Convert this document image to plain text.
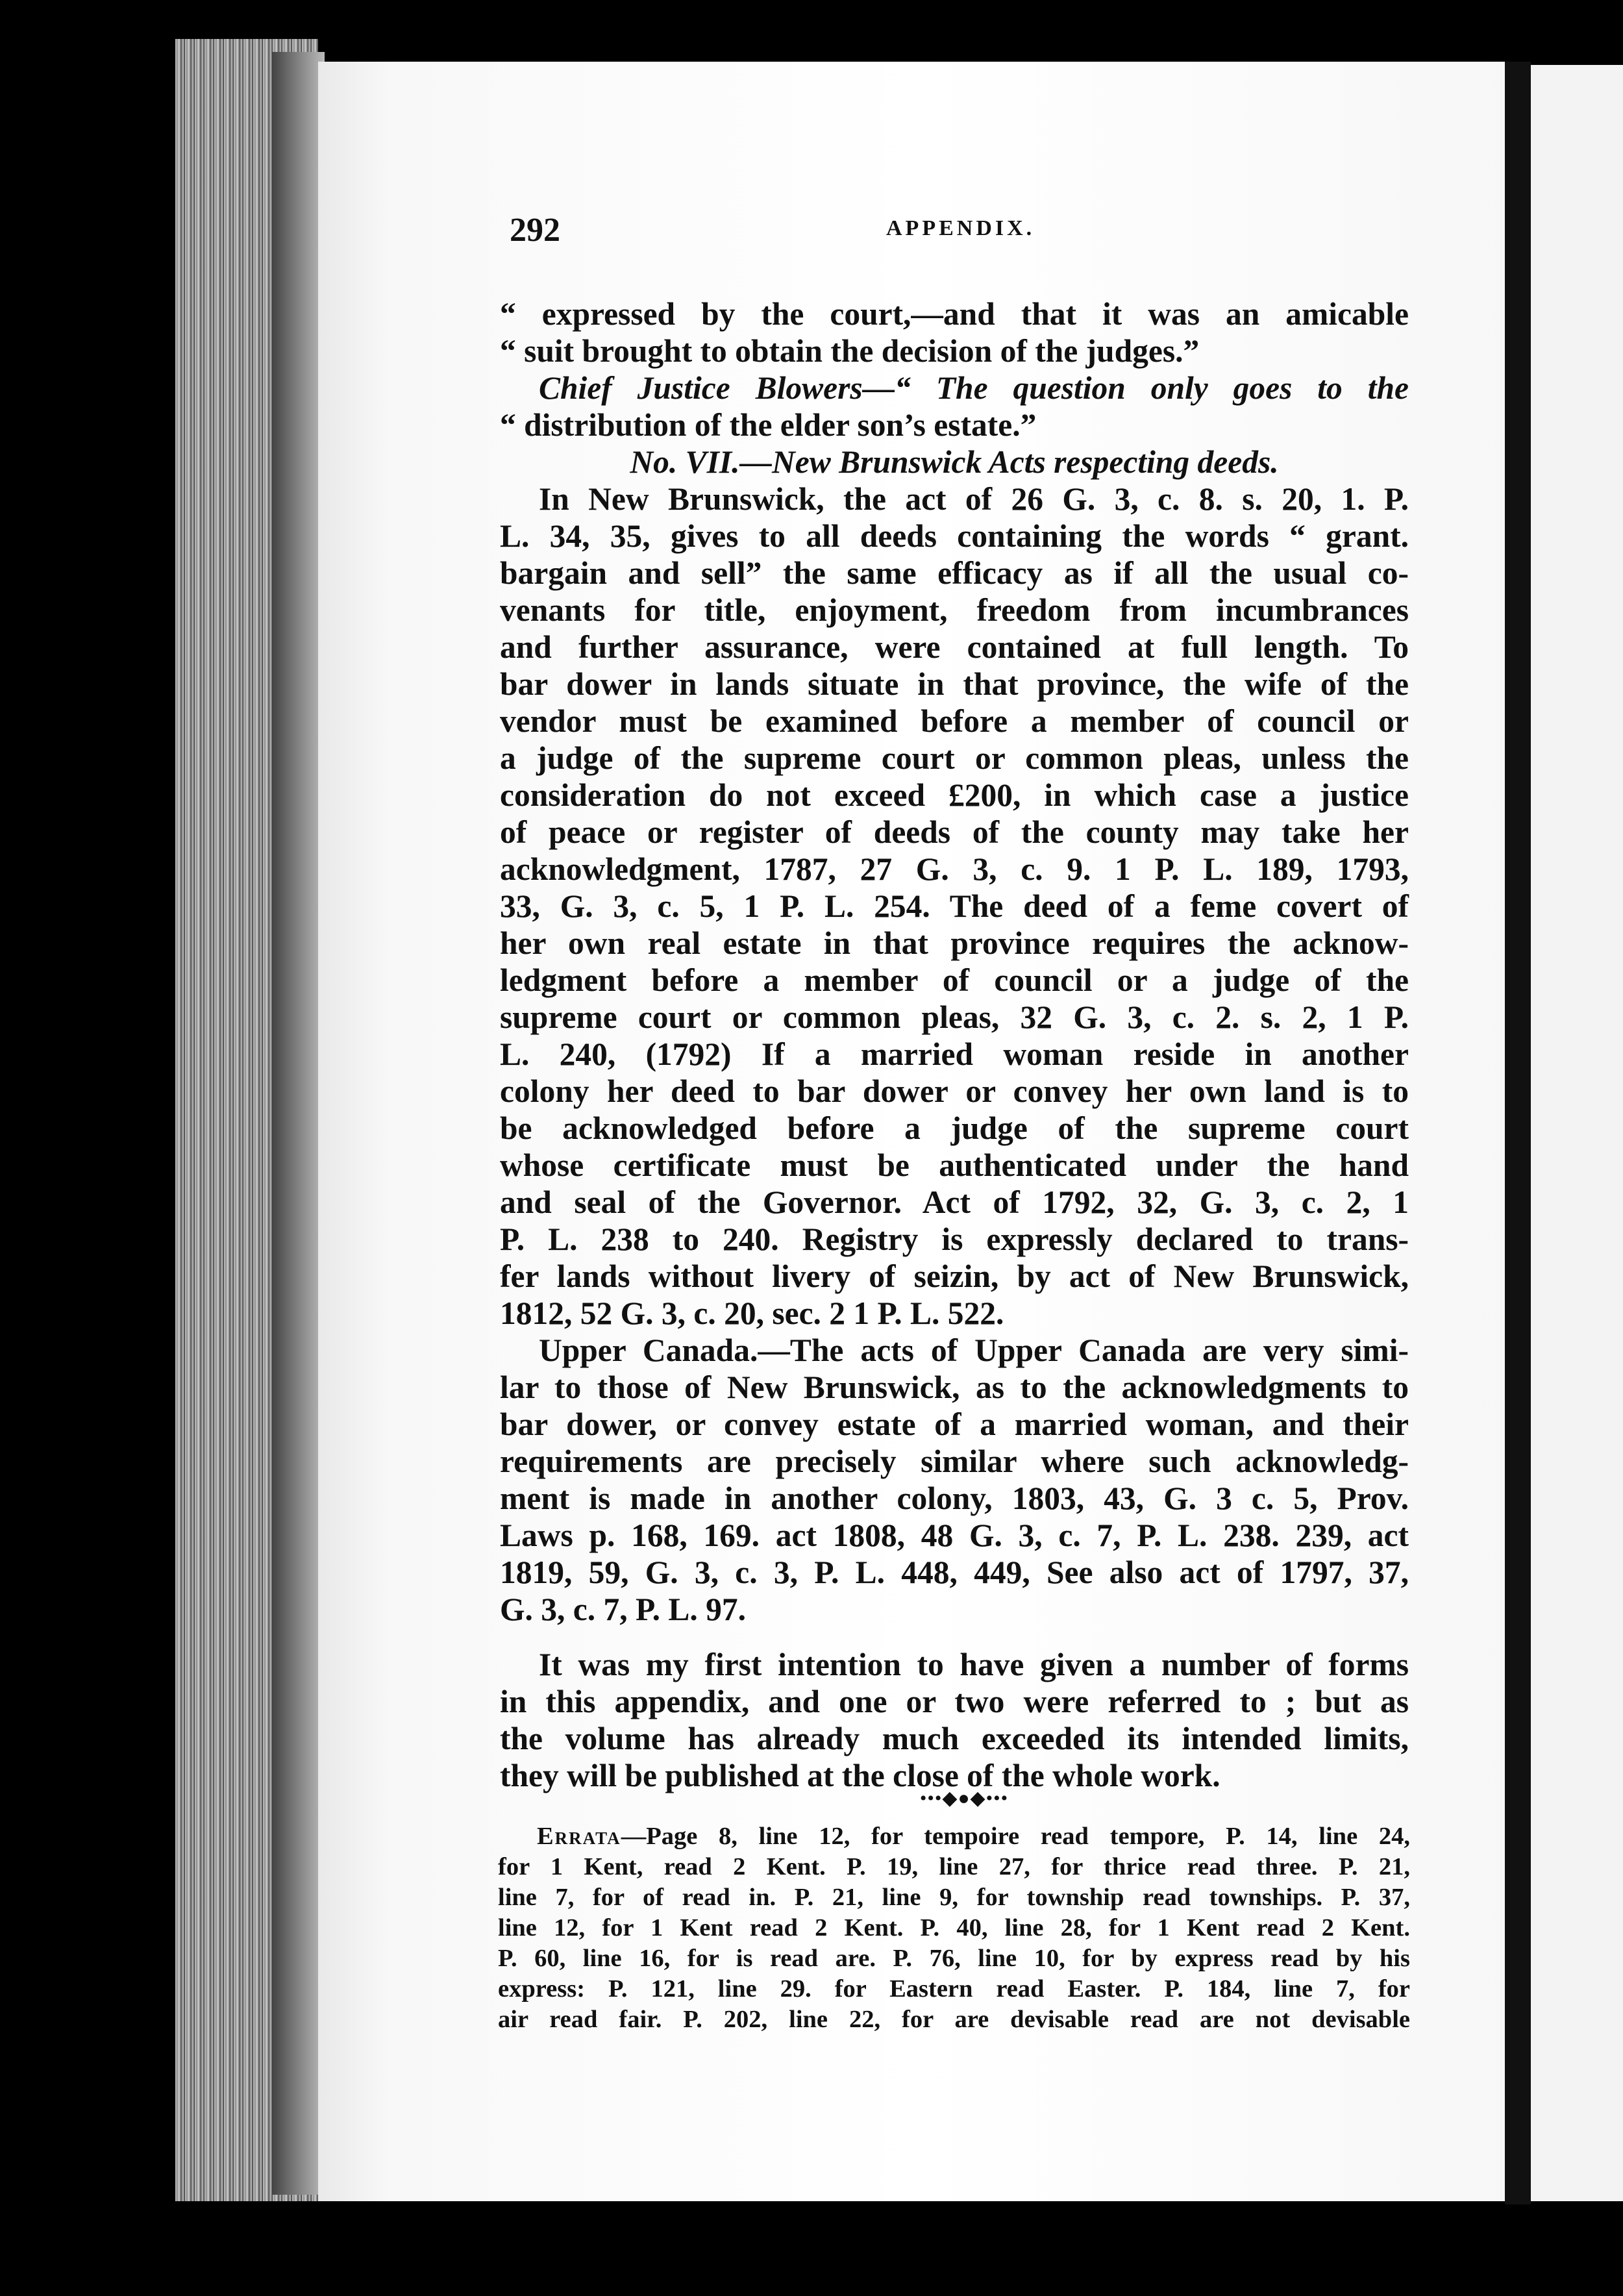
292	APPENDIX.
“ expressed by the court,—and that it was an amicable
“ suit brought to obtain the decision of the judges.”
Chief Justice Blowers—“ The question only goes to the
“ distribution of the elder son’s estate.”
No. VII.—New Brunswick Acts respecting deeds.
In New Brunswick, the act of 26 G. 3, c. 8. s. 20, 1. P.
L. 34, 35, gives to all deeds containing the words “ grant.
bargain and sell” the same efficacy as if all the usual co-
venants for title, enjoyment, freedom from incumbrances
and further assurance, were contained at full length. To
bar dower in lands situate in that province, the wife of the
vendor must be examined before a member of council or
a judge of the supreme court or common pleas, unless the
consideration do not exceed £200, in which case a justice
of peace or register of deeds of the county may take her
acknowledgment, 1787, 27 G. 3, c. 9. 1 P. L. 189, 1793,
33, G. 3, c. 5, 1 P. L. 254. The deed of a feme covert of
her own real estate in that province requires the acknow-
ledgment before a member of council or a judge of the
supreme court or common pleas, 32 G. 3, c. 2. s. 2, 1 P.
L. 240, (1792) If a married woman reside in another
colony her deed to bar dower or convey her own land is to
be acknowledged before a judge of the supreme court
whose certificate must be authenticated under the hand
and seal of the Governor. Act of 1792, 32, G. 3, c. 2, 1
P. L. 238 to 240. Registry is expressly declared to trans-
fer lands without livery of seizin, by act of New Brunswick,
1812, 52 G. 3, c. 20, sec. 2 1 P. L. 522.
Upper Canada.—The acts of Upper Canada are very simi-
lar to those of New Brunswick, as to the acknowledgments to
bar dower, or convey estate of a married woman, and their
requirements are precisely similar where such acknowledg-
ment is made in another colony, 1803, 43, G. 3 c. 5, Prov.
Laws p. 168, 169. act 1808, 48 G. 3, c. 7, P. L. 238. 239, act
1819, 59, G. 3, c. 3, P. L. 448, 449, See also act of 1797, 37,
G. 3, c. 7, P. L. 97.
It was my first intention to have given a number of forms
in this appendix, and one or two were referred to ; but as
the volume has already much exceeded its intended limits,
they will be published at the close of the whole work.
•••◆●◆•••
Errata—Page 8, line 12, for tempoire read tempore, P. 14, line 24,
for 1 Kent, read 2 Kent. P. 19, line 27, for thrice read three. P. 21,
line 7, for of read in. P. 21, line 9, for township read townships. P. 37,
line 12, for 1 Kent read 2 Kent. P. 40, line 28, for 1 Kent read 2 Kent.
P. 60, line 16, for is read are. P. 76, line 10, for by express read by his
express: P. 121, line 29. for Eastern read Easter. P. 184, line 7, for
air read fair. P. 202, line 22, for are devisable read are not devisable
